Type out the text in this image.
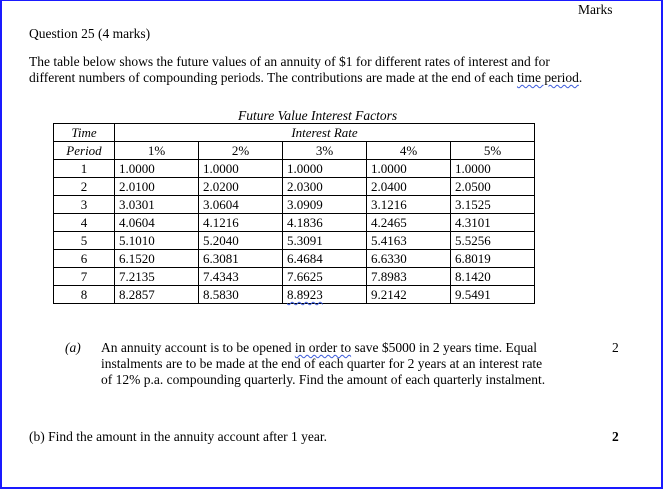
Marks
Question 25 (4 marks)
The table below shows the future values of an annuity of $1 for different rates of interest and for different numbers of compounding periods. The contributions are made at the end of each time period.
Future Value Interest Factors
Time	Interest Rate				
Period	1%	2%	3%	4%	5%
1	1.0000	1.0000	1.0000	1.0000	1.0000
2	2.0100	2.0200	2.0300	2.0400	2.0500
3	3.0301	3.0604	3.0909	3.1216	3.1525
4	4.0604	4.1216	4.1836	4.2465	4.3101
5	5.1010	5.2040	5.3091	5.4163	5.5256
6	6.1520	6.3081	6.4684	6.6330	6.8019
7	7.2135	7.4343	7.6625	7.8983	8.1420
8	8.2857	8.5830	8.8923	9.2142	9.5491
(a) An annuity account is to be opened in order to save $5000 in 2 years time. Equal instalments are to be made at the end of each quarter for 2 years at an interest rate of 12% p.a. compounding quarterly. Find the amount of each quarterly instalment.
2
(b) Find the amount in the annuity account after 1 year.	2
